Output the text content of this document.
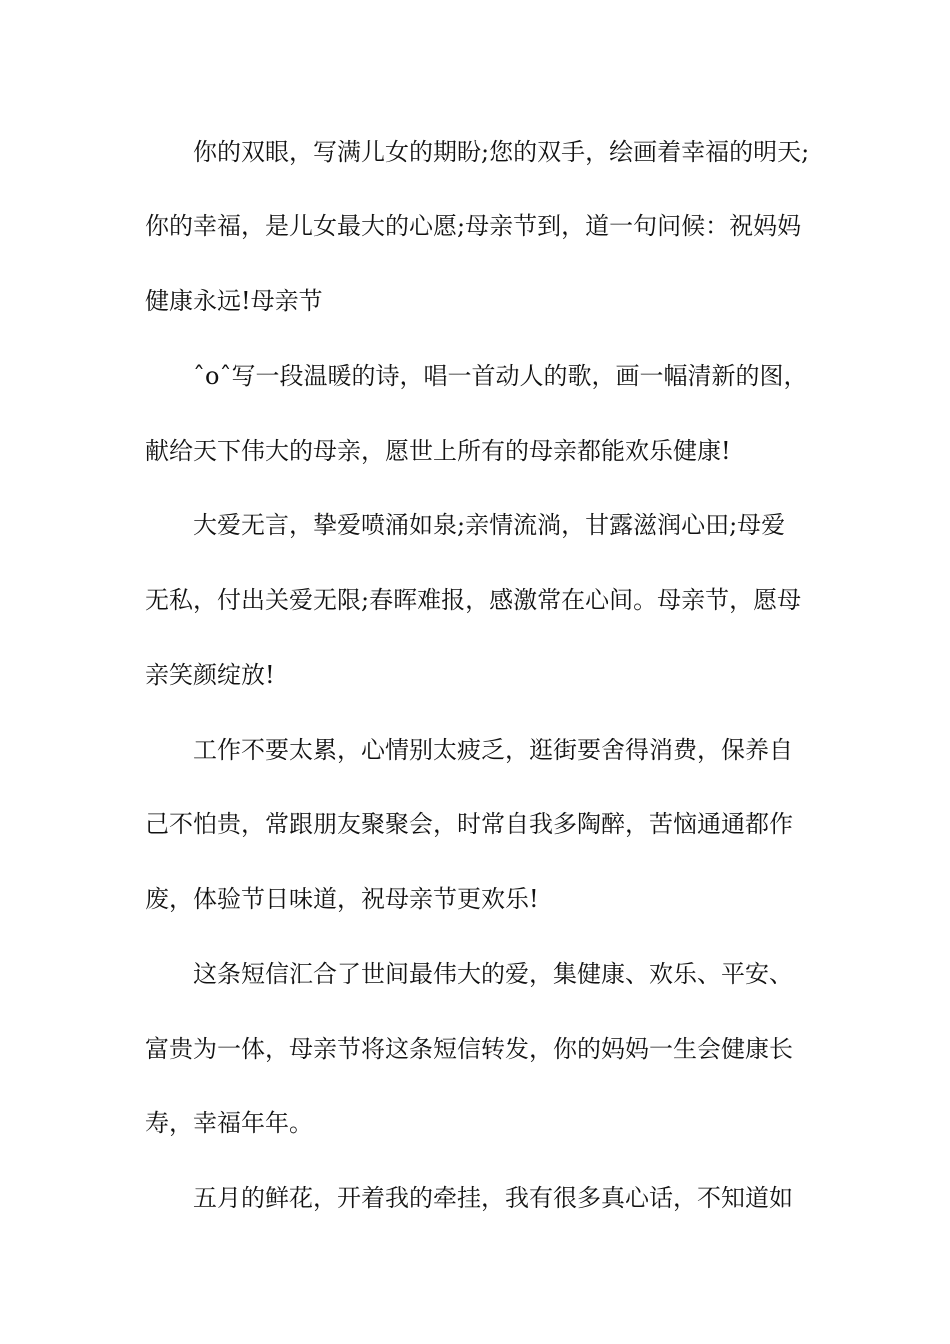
你的双眼，写满儿女的期盼;您的双手，绘画着幸福的明天;
你的幸福，是儿女最大的心愿;母亲节到，道一句问候：祝妈妈
健康永远!母亲节
ˆoˆ写一段温暖的诗，唱一首动人的歌，画一幅清新的图，
献给天下伟大的母亲，愿世上所有的母亲都能欢乐健康!
大爱无言，挚爱喷涌如泉;亲情流淌，甘露滋润心田;母爱
无私，付出关爱无限;春晖难报，感激常在心间。母亲节，愿母
亲笑颜绽放!
工作不要太累，心情别太疲乏，逛街要舍得消费，保养自
己不怕贵，常跟朋友聚聚会，时常自我多陶醉，苦恼通通都作
废，体验节日味道，祝母亲节更欢乐!
这条短信汇合了世间最伟大的爱，集健康、欢乐、平安、
富贵为一体，母亲节将这条短信转发，你的妈妈一生会健康长
寿，幸福年年。
五月的鲜花，开着我的牵挂，我有很多真心话，不知道如
